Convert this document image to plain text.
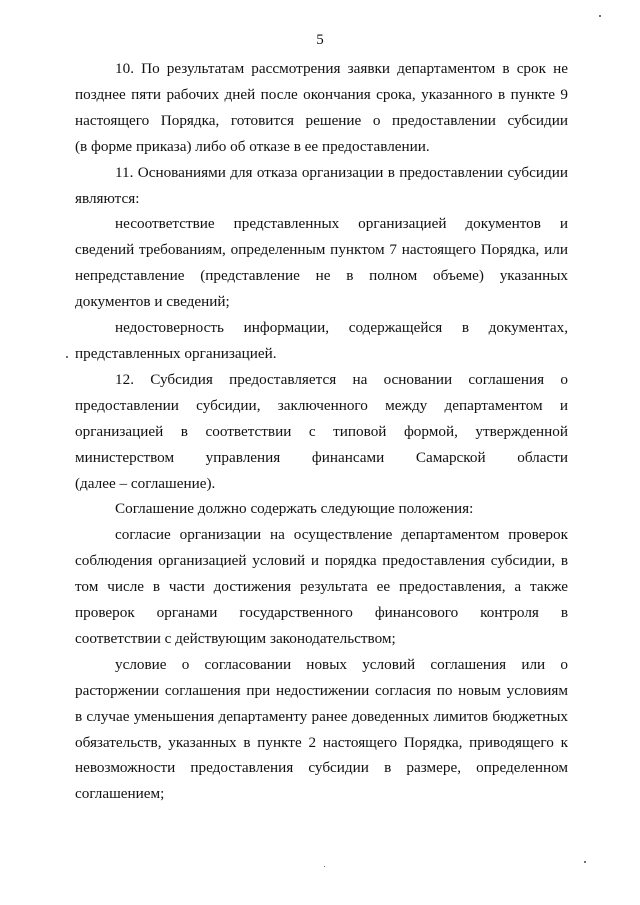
5

10. По результатам рассмотрения заявки департаментом в срок не

позднее пяти рабочих дней после окончания срока, указанного в пункте 9

настоящего Порядка, готовится решение о предоставлении субсидии

(в форме приказа) либо об отказе в ее предоставлении.

11. Основаниями для отказа организации в предоставлении субсидии

являются:

несоответствие представленных организацией документов и

сведений требованиям, определенным пунктом 7 настоящего Порядка, или

непредставление (представление не в полном объеме) указанных

документов и сведений;

недостоверность информации, содержащейся в документах,

представленных организацией.

12. Субсидия предоставляется на основании соглашения о

предоставлении субсидии, заключенного между департаментом и

организацией в соответствии с типовой формой, утвержденной

министерством управления финансами Самарской области

(далее – соглашение).

Соглашение должно содержать следующие положения:

согласие организации на осуществление департаментом проверок

соблюдения организацией условий и порядка предоставления субсидии, в

том числе в части достижения результата ее предоставления, а также

проверок органами государственного финансового контроля в

соответствии с действующим законодательством;

условие о согласовании новых условий соглашения или о

расторжении соглашения при недостижении согласия по новым условиям

в случае уменьшения департаменту ранее доведенных лимитов бюджетных

обязательств, указанных в пункте 2 настоящего Порядка, приводящего к

невозможности предоставления субсидии в размере, определенном

соглашением;
